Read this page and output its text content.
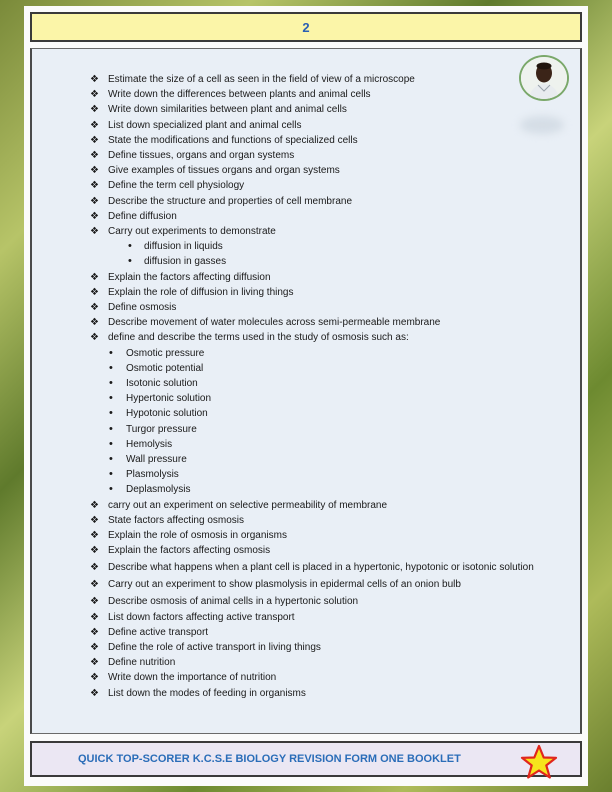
2
❖ Estimate the size of a cell as seen in the field of view of a microscope
❖ Write down the differences between plants and animal cells
❖ Write down similarities between plant and animal cells
❖ List down specialized plant and animal cells
❖ State the modifications and functions of specialized cells
❖ Define tissues, organs and organ systems
❖ Give examples of tissues organs and organ systems
❖ Define the term cell physiology
❖ Describe the structure and properties of cell membrane
❖ Define diffusion
❖ Carry out experiments to demonstrate
• diffusion in liquids
• diffusion in gasses
❖ Explain the factors affecting diffusion
❖ Explain the role of diffusion in living things
❖ Define osmosis
❖ Describe movement of water molecules across semi-permeable membrane
❖ define and describe the terms used in the study of osmosis such as:
• Osmotic pressure
• Osmotic potential
• Isotonic solution
• Hypertonic solution
• Hypotonic solution
• Turgor pressure
• Hemolysis
• Wall pressure
• Plasmolysis
• Deplasmolysis
❖ carry out an experiment on selective permeability of membrane
❖ State factors affecting osmosis
❖ Explain the role of osmosis in organisms
❖ Explain the factors affecting osmosis
❖ Describe what happens when a plant cell is placed in a hypertonic, hypotonic or isotonic solution
❖ Carry out an experiment to show plasmolysis in epidermal cells of an onion bulb
❖ Describe osmosis of animal cells in a hypertonic solution
❖ List down factors affecting active transport
❖ Define active transport
❖ Define the role of active transport in living things
❖ Define nutrition
❖ Write down the importance of nutrition
❖ List down the modes of feeding in organisms
QUICK TOP-SCORER K.C.S.E BIOLOGY REVISION FORM ONE BOOKLET
